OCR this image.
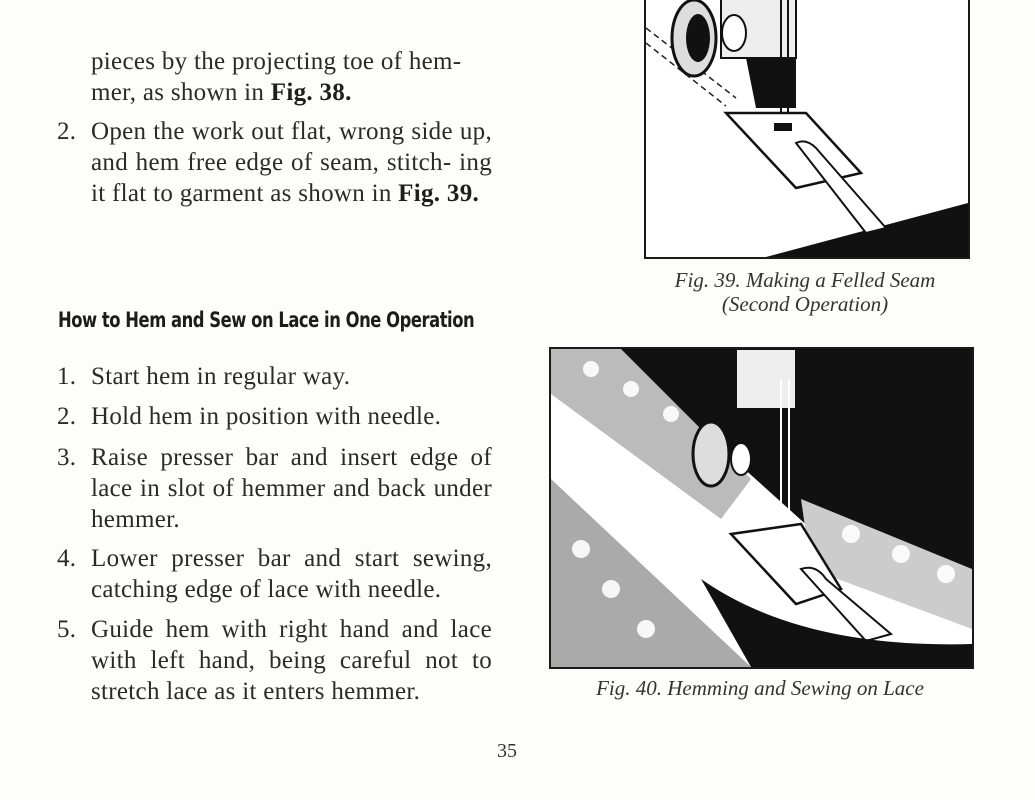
pieces by the projecting toe of hem-
mer, as shown in Fig. 38.
2. Open the work out flat, wrong side up, and hem free edge of seam, stitch- ing it flat to garment as shown in Fig. 39.
How to Hem and Sew on Lace in One Operation
1. Start hem in regular way.
2. Hold hem in position with needle.
3. Raise presser bar and insert edge of lace in slot of hemmer and back under hemmer.
4. Lower presser bar and start sewing, catching edge of lace with needle.
5. Guide hem with right hand and lace with left hand, being careful not to stretch lace as it enters hemmer.
Fig. 39. Making a Felled Seam
(Second Operation)
Fig. 40. Hemming and Sewing on Lace
35
